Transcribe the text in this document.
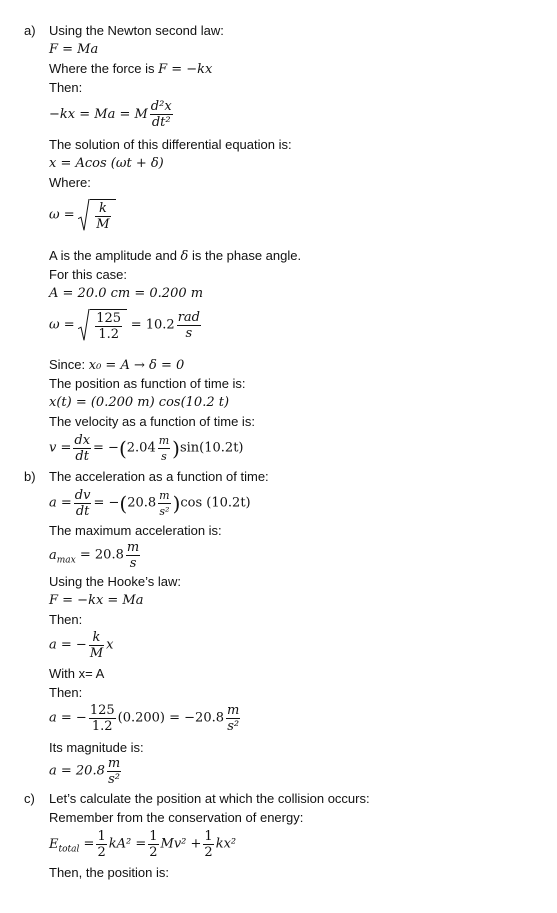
a) Using the Newton second law:
F = Ma
Where the force is F = −kx
Then:
−kx = Ma = M $\frac{\text{d²x}}{\text{dt²}}$
The solution of this differential equation is:
x = Acos (ωt + δ)
Where:
$\omega = \frac{k}{M}$
A is the amplitude and δ is the phase angle.
For this case:
A = 20.0 cm = 0.200 m
$\omega = \frac{125}{1.2} = 10.2 \frac{\text{rad}}{s}$
Since: x₀ = A → δ = 0
The position as function of time is:
x(t) = (0.200 m) cos(10.2 t)
The velocity as a function of time is:
$v = \frac{dx}{dt} = -(2.04 \frac{m}{s} )\sin(10.2t)$
b) The acceleration as a function of time:
$a = \frac{dv}{dt} = -(20.8 \frac{m}{\text{s²}} )\cos$ (10.2t)
The maximum acceleration is:
$a_{max} = 20.8 \frac{m}{s}$
Using the Hooke’s law:
F = −kx = Ma
Then:
a = − $\frac{k}{M}$ x
With x= A
Then:
a = − $\frac{125}{1.2} (0.200) = -20.8 \frac{m}{\text{s²}}$
Its magnitude is:
$a = 20.8 \frac{m}{\text{s²}}$
c) Let’s calculate the position at which the collision occurs:
Remember from the conservation of energy:
$E_{total} = \frac{1}{2} kA^2 = \frac{1}{2} Mv^2 + \frac{1}{2} kx^2$
Then, the position is:
